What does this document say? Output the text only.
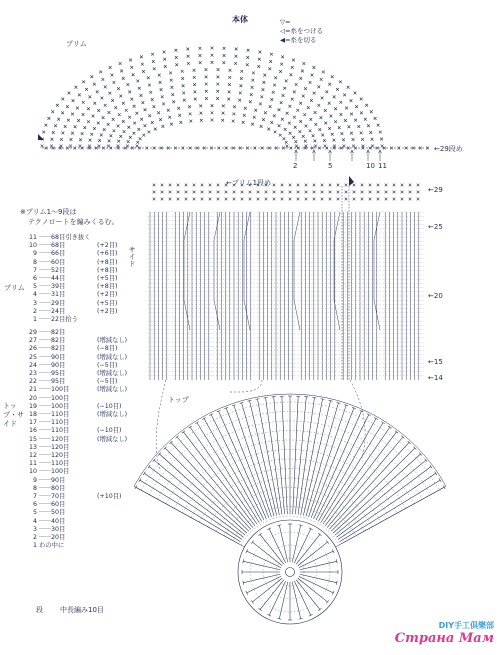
本体	▽=
◁=糸をつける
◀=糸を切る
プリム
←29段め
←プリム1段め
サイド
←29
←25
←20
←15
←14
トップ
※プリム1～9段は
テクノロートを編みくるむ。
11 ······68目引き抜く
10 ······68目	(+2目)
9 ······66目	(+6目)
8 ······60目	(+8目)
7 ······52目	(+8目)
6 ······44目	(+5目)
5 ······39目	(+8目)
4 ······31目	(+2目)
3 ······29目	(+5目)
2 ······24目	(+2目)
1 ······22目拾う
29 ······82目
27 ······82目	(増減なし)
26 ······82目	(−8目)
25 ······90目	(増減なし)
24 ······90目	(−5目)
23 ······95目	(増減なし)
22 ······95目	(−5目)
21 ······100目	(増減なし)
20 ······100目
19 ······100目	(−10目)
18 ······110目	(増減なし)
17 ······110目
16 ······110目	(−10目)
15 ······120目	(増減なし)
13 ······120目
12 ······120目
11 ······110目
10 ······100目
9 ······90目
8 ······80目
7 ······70目	(+10目)
6 ······60目
5 ······50目
4 ······40目
3 ······30目
2 ······20目
1 わの中に
プリム
トップ・サイド
段 中長編み10目
2	5	10 11
DIY手工俱樂部
Страна Мам
